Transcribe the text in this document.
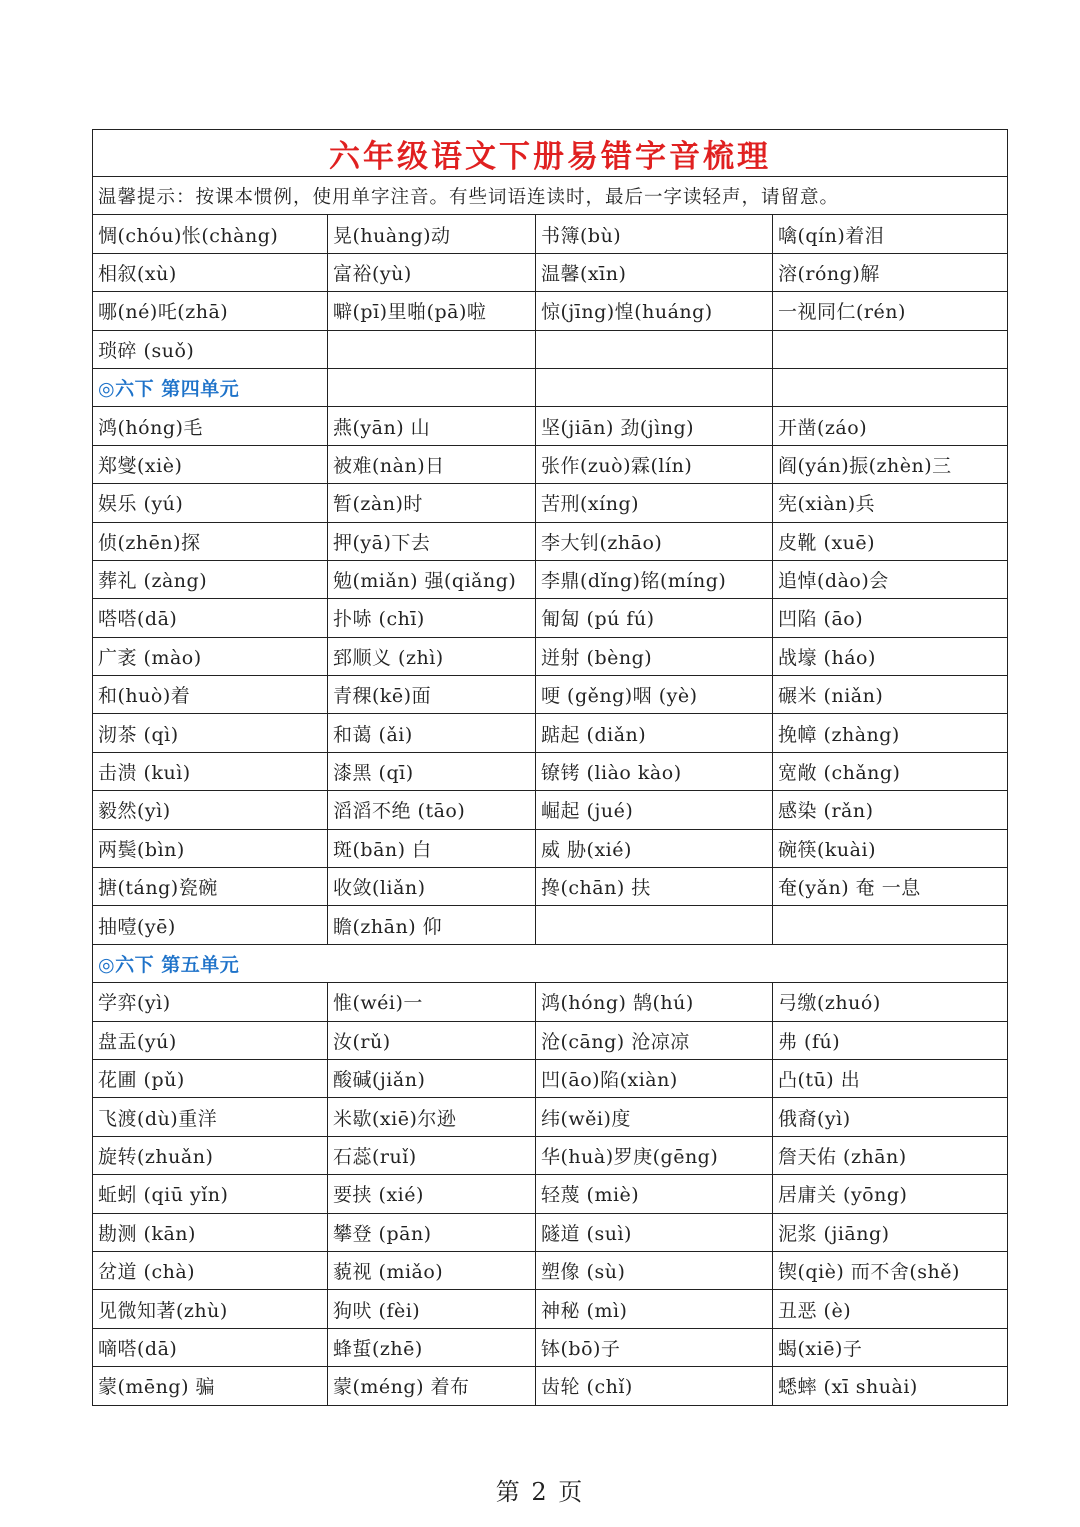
六年级语文下册易错字音梳理			
温馨提示：按课本惯例，使用单字注音。有些词语连读时，最后一字读轻声，请留意。			
惆(chóu)怅(chàng)	晃(huàng)动	书簿(bù)	噙(qín)着泪
相叙(xù)	富裕(yù)	温馨(xīn)	溶(róng)解
哪(né)吒(zhā)	噼(pī)里啪(pā)啦	惊(jīng)惶(huáng)	一视同仁(rén)
琐碎 (suǒ)			
◎六下 第四单元			
鸿(hóng)毛	燕(yān) 山	坚(jiān) 劲(jìng)	开凿(záo)
郑燮(xiè)	被难(nàn)日	张作(zuò)霖(lín)	阎(yán)振(zhèn)三
娱乐 (yú)	暂(zàn)时	苦刑(xíng)	宪(xiàn)兵
侦(zhēn)探	押(yā)下去	李大钊(zhāo)	皮靴 (xuē)
葬礼 (zàng)	勉(miǎn) 强(qiǎng)	李鼎(dǐng)铭(míng)	追悼(dào)会
嗒嗒(dā)	扑哧 (chī)	匍匐 (pú fú)	凹陷 (āo)
广袤 (mào)	郅顺义 (zhì)	迸射 (bèng)	战壕 (háo)
和(huò)着	青稞(kē)面	哽 (gěng)咽 (yè)	碾米 (niǎn)
沏茶 (qì)	和蔼 (ǎi)	踮起 (diǎn)	挽幛 (zhàng)
击溃 (kuì)	漆黑 (qī)	镣铐 (liào kào)	宽敞 (chǎng)
毅然(yì)	滔滔不绝 (tāo)	崛起 (jué)	感染 (rǎn)
两鬓(bìn)	斑(bān) 白	威 胁(xié)	碗筷(kuài)
搪(táng)瓷碗	收敛(liǎn)	搀(chān) 扶	奄(yǎn) 奄 一息
抽噎(yē)	瞻(zhān) 仰		
◎六下 第五单元			
学弈(yì)	惟(wéi)一	鸿(hóng) 鹄(hú)	弓缴(zhuó)
盘盂(yú)	汝(rǔ)	沧(cāng) 沧凉凉	弗 (fú)
花圃 (pǔ)	酸碱(jiǎn)	凹(āo)陷(xiàn)	凸(tū) 出
飞渡(dù)重洋	米歇(xiē)尔逊	纬(wěi)度	俄裔(yì)
旋转(zhuǎn)	石蕊(ruǐ)	华(huà)罗庚(gēng)	詹天佑 (zhān)
蚯蚓 (qiū yǐn)	要挟 (xié)	轻蔑 (miè)	居庸关 (yōng)
勘测 (kān)	攀登 (pān)	隧道 (suì)	泥浆 (jiāng)
岔道 (chà)	藐视 (miǎo)	塑像 (sù)	锲(qiè) 而不舍(shě)
见微知著(zhù)	狗吠 (fèi)	神秘 (mì)	丑恶 (è)
嘀嗒(dā)	蜂蜇(zhē)	钵(bō)子	蝎(xiē)子
蒙(mēng) 骗	蒙(méng) 着布	齿轮 (chǐ)	蟋蟀 (xī shuài)
第 2 页
